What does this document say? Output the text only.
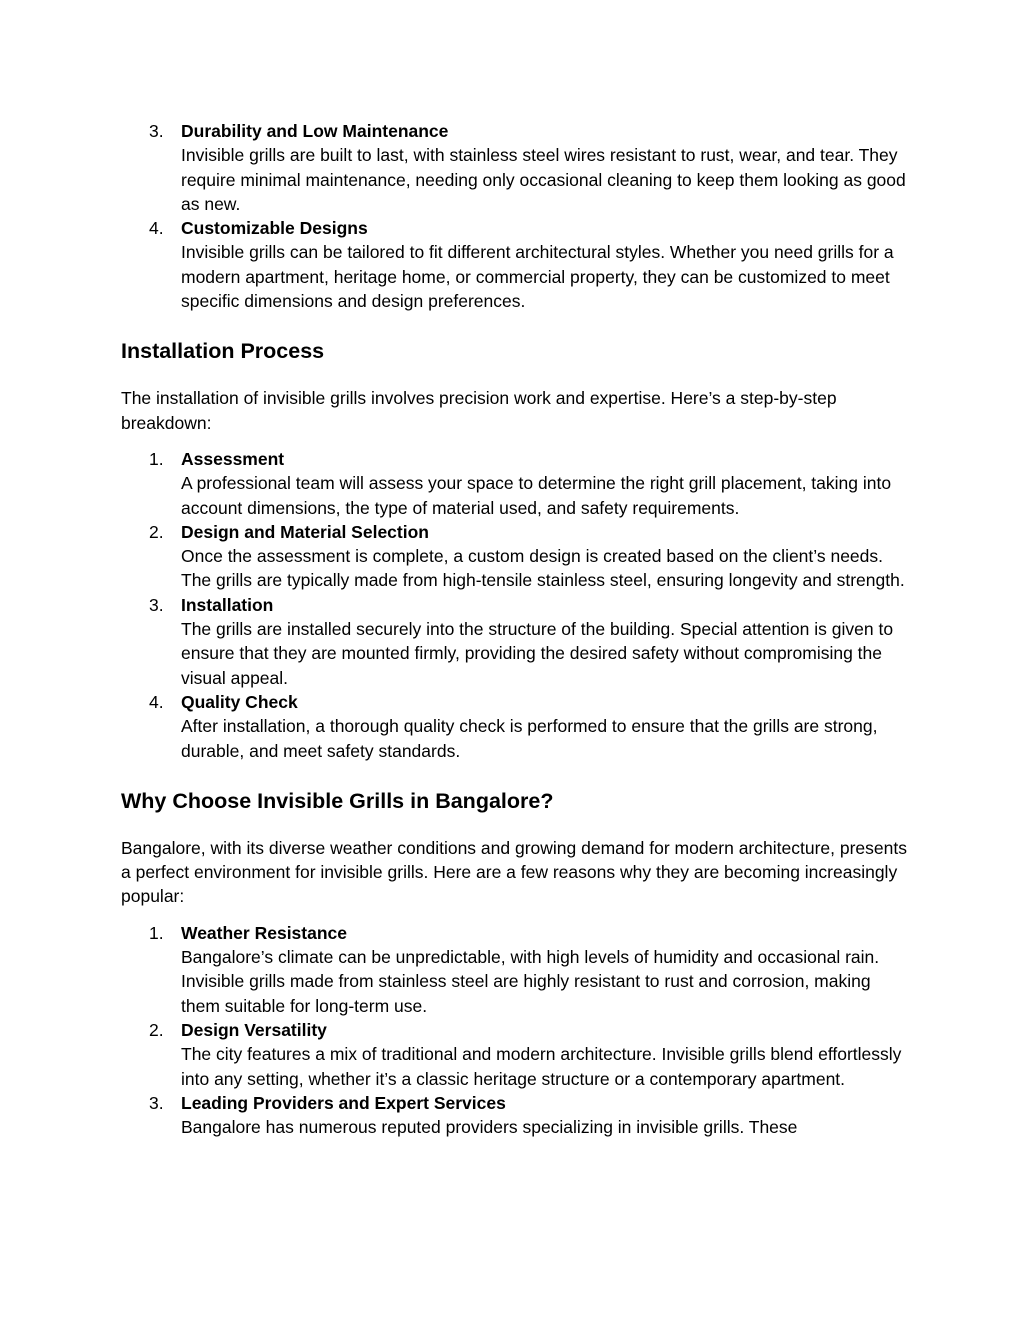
3. Durability and Low Maintenance
Invisible grills are built to last, with stainless steel wires resistant to rust, wear, and tear. They require minimal maintenance, needing only occasional cleaning to keep them looking as good as new.
4. Customizable Designs
Invisible grills can be tailored to fit different architectural styles. Whether you need grills for a modern apartment, heritage home, or commercial property, they can be customized to meet specific dimensions and design preferences.
Installation Process

The installation of invisible grills involves precision work and expertise. Here’s a step-by-step breakdown:

1. Assessment
A professional team will assess your space to determine the right grill placement, taking into account dimensions, the type of material used, and safety requirements.
2. Design and Material Selection
Once the assessment is complete, a custom design is created based on the client’s needs. The grills are typically made from high-tensile stainless steel, ensuring longevity and strength.
3. Installation
The grills are installed securely into the structure of the building. Special attention is given to ensure that they are mounted firmly, providing the desired safety without compromising the visual appeal.
4. Quality Check
After installation, a thorough quality check is performed to ensure that the grills are strong, durable, and meet safety standards.
Why Choose Invisible Grills in Bangalore?

Bangalore, with its diverse weather conditions and growing demand for modern architecture, presents a perfect environment for invisible grills. Here are a few reasons why they are becoming increasingly popular:

1. Weather Resistance
Bangalore’s climate can be unpredictable, with high levels of humidity and occasional rain. Invisible grills made from stainless steel are highly resistant to rust and corrosion, making them suitable for long-term use.
2. Design Versatility
The city features a mix of traditional and modern architecture. Invisible grills blend effortlessly into any setting, whether it’s a classic heritage structure or a contemporary apartment.
3. Leading Providers and Expert Services
Bangalore has numerous reputed providers specializing in invisible grills. These
